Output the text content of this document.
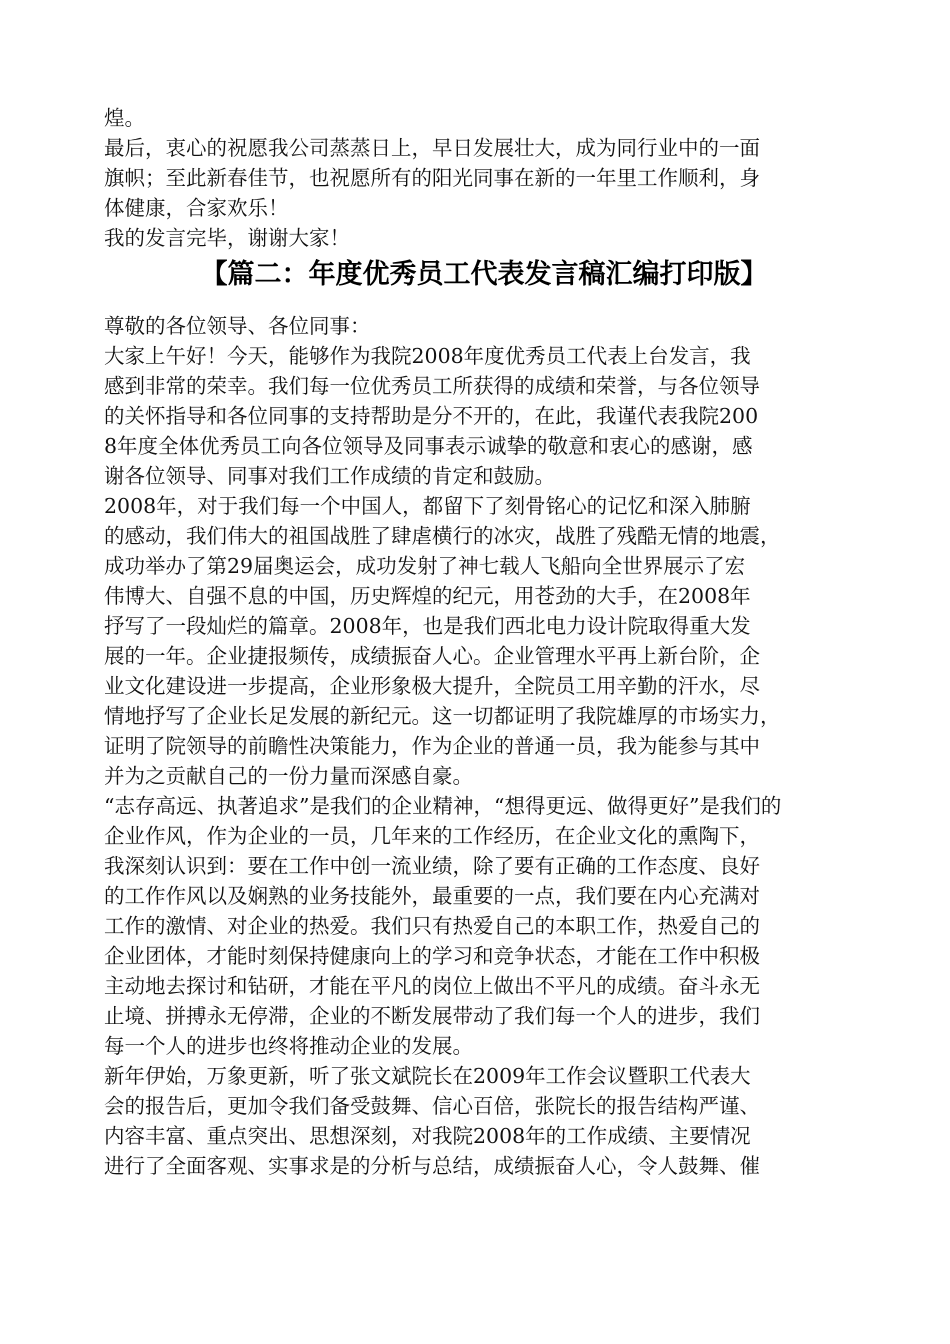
煌。
最后，衷心的祝愿我公司蒸蒸日上，早日发展壮大，成为同行业中的一面
旗帜；至此新春佳节，也祝愿所有的阳光同事在新的一年里工作顺利，身
体健康，合家欢乐！
我的发言完毕，谢谢大家！
【篇二：年度优秀员工代表发言稿汇编打印版】
尊敬的各位领导、各位同事：
大家上午好！今天，能够作为我院2008年度优秀员工代表上台发言，我
感到非常的荣幸。我们每一位优秀员工所获得的成绩和荣誉，与各位领导
的关怀指导和各位同事的支持帮助是分不开的，在此，我谨代表我院200
8年度全体优秀员工向各位领导及同事表示诚挚的敬意和衷心的感谢，感
谢各位领导、同事对我们工作成绩的肯定和鼓励。
2008年，对于我们每一个中国人，都留下了刻骨铭心的记忆和深入肺腑
的感动，我们伟大的祖国战胜了肆虐横行的冰灾，战胜了残酷无情的地震，
成功举办了第29届奥运会，成功发射了神七载人飞船向全世界展示了宏
伟博大、自强不息的中国，历史辉煌的纪元，用苍劲的大手，在2008年
抒写了一段灿烂的篇章。2008年，也是我们西北电力设计院取得重大发
展的一年。企业捷报频传，成绩振奋人心。企业管理水平再上新台阶，企
业文化建设进一步提高，企业形象极大提升，全院员工用辛勤的汗水，尽
情地抒写了企业长足发展的新纪元。这一切都证明了我院雄厚的市场实力，
证明了院领导的前瞻性决策能力，作为企业的普通一员，我为能参与其中
并为之贡献自己的一份力量而深感自豪。
“志存高远、执著追求”是我们的企业精神，“想得更远、做得更好”是我们的
企业作风，作为企业的一员，几年来的工作经历，在企业文化的熏陶下，
我深刻认识到：要在工作中创一流业绩，除了要有正确的工作态度、良好
的工作作风以及娴熟的业务技能外，最重要的一点，我们要在内心充满对
工作的激情、对企业的热爱。我们只有热爱自己的本职工作，热爱自己的
企业团体，才能时刻保持健康向上的学习和竞争状态，才能在工作中积极
主动地去探讨和钻研，才能在平凡的岗位上做出不平凡的成绩。奋斗永无
止境、拼搏永无停滞，企业的不断发展带动了我们每一个人的进步，我们
每一个人的进步也终将推动企业的发展。
新年伊始，万象更新，听了张文斌院长在2009年工作会议暨职工代表大
会的报告后，更加令我们备受鼓舞、信心百倍，张院长的报告结构严谨、
内容丰富、重点突出、思想深刻，对我院2008年的工作成绩、主要情况
进行了全面客观、实事求是的分析与总结，成绩振奋人心，令人鼓舞、催
